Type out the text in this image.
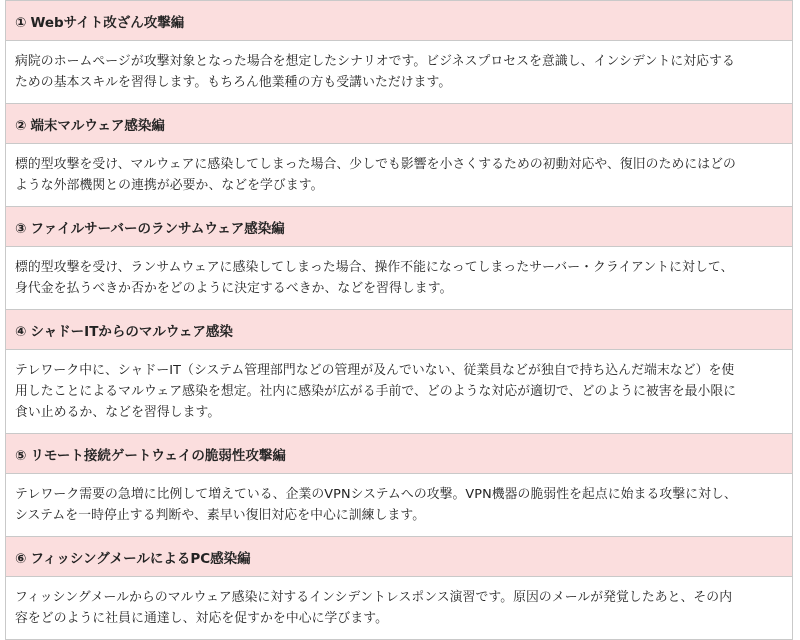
① Webサイト改ざん攻撃編

病院のホームページが攻撃対象となった場合を想定したシナリオです。ビジネスプロセスを意識し、インシデントに対応する
ための基本スキルを習得します。もちろん他業種の方も受講いただけます。

② 端末マルウェア感染編

標的型攻撃を受け、マルウェアに感染してしまった場合、少しでも影響を小さくするための初動対応や、復旧のためにはどの
ような外部機関との連携が必要か、などを学びます。

③ ファイルサーバーのランサムウェア感染編

標的型攻撃を受け、ランサムウェアに感染してしまった場合、操作不能になってしまったサーバー・クライアントに対して、
身代金を払うべきか否かをどのように決定するべきか、などを習得します。

④ シャドーITからのマルウェア感染

テレワーク中に、シャドーIT（システム管理部門などの管理が及んでいない、従業員などが独自で持ち込んだ端末など）を使
用したことによるマルウェア感染を想定。社内に感染が広がる手前で、どのような対応が適切で、どのように被害を最小限に
食い止めるか、などを習得します。

⑤ リモート接続ゲートウェイの脆弱性攻撃編

テレワーク需要の急増に比例して増えている、企業のVPNシステムへの攻撃。VPN機器の脆弱性を起点に始まる攻撃に対し、
システムを一時停止する判断や、素早い復旧対応を中心に訓練します。

⑥ フィッシングメールによるPC感染編

フィッシングメールからのマルウェア感染に対するインシデントレスポンス演習です。原因のメールが発覚したあと、その内
容をどのように社員に通達し、対応を促すかを中心に学びます。
